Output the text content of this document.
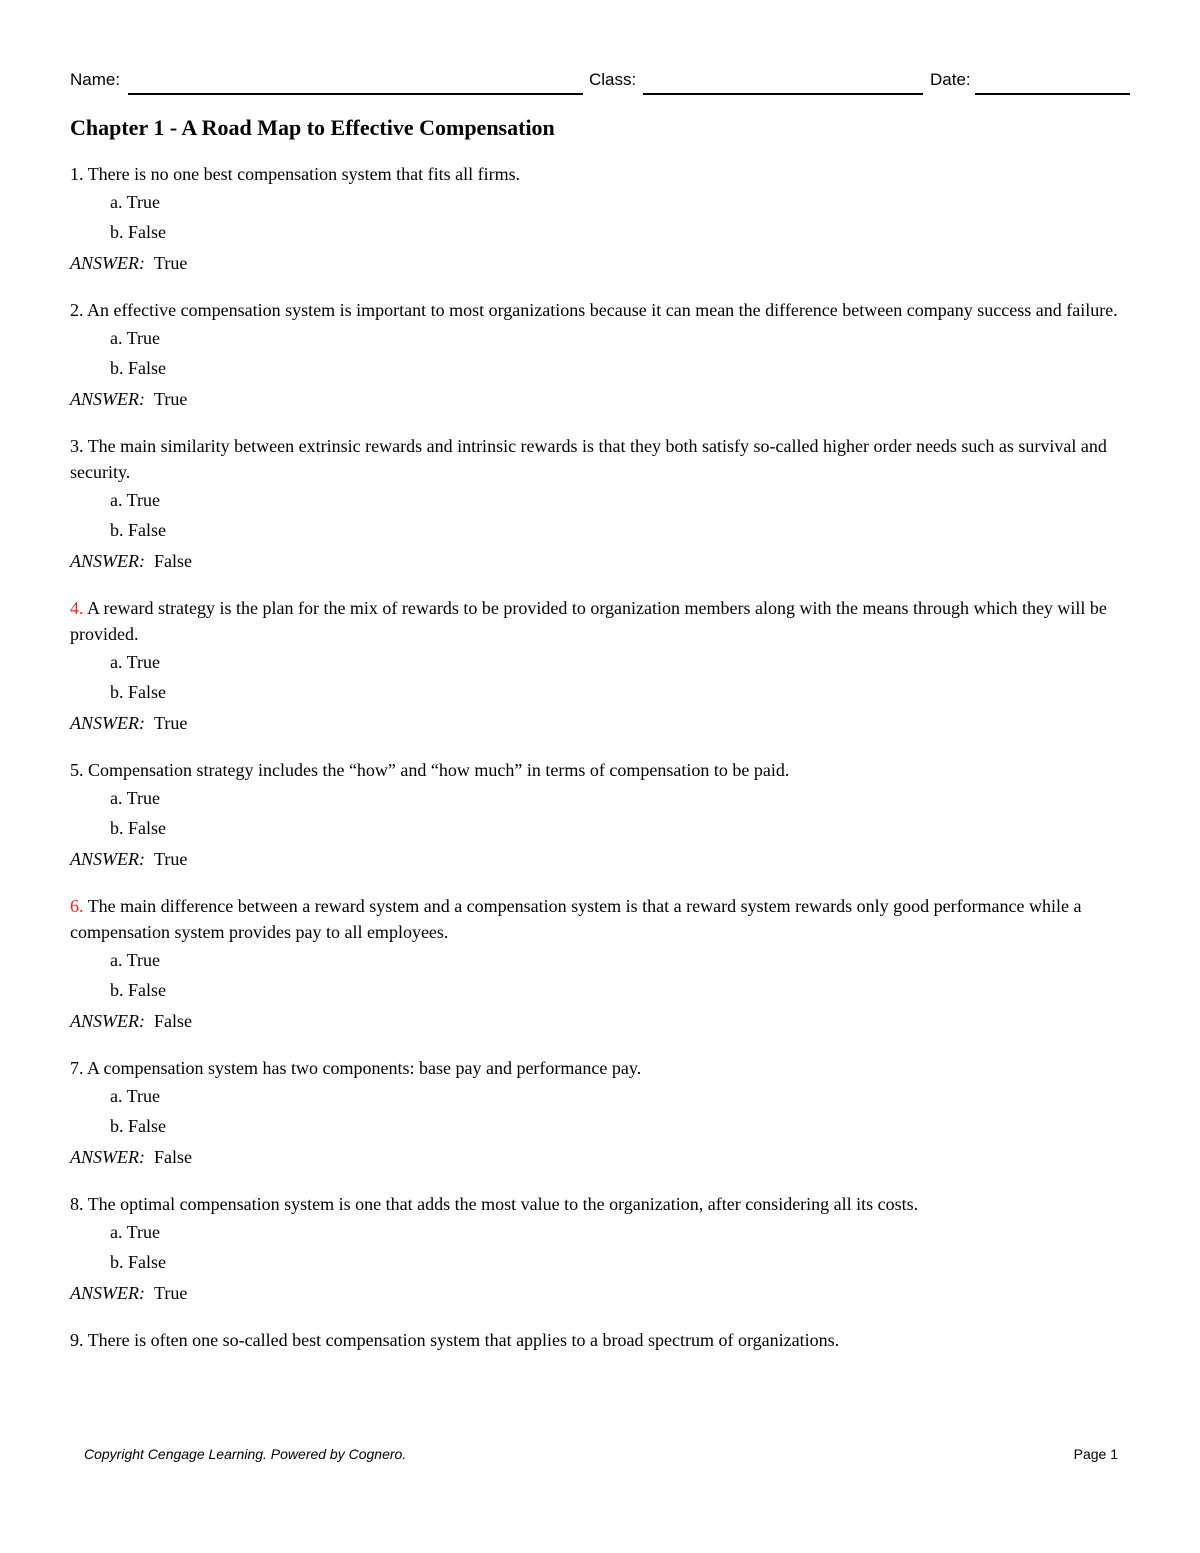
Name:	Class:	Date:
Chapter 1 - A Road Map to Effective Compensation
1. There is no one best compensation system that fits all firms.
a. True
b. False
ANSWER: True
2. An effective compensation system is important to most organizations because it can mean the difference between company success and failure.
a. True
b. False
ANSWER: True
3. The main similarity between extrinsic rewards and intrinsic rewards is that they both satisfy so-called higher order needs such as survival and security.
a. True
b. False
ANSWER: False
4. A reward strategy is the plan for the mix of rewards to be provided to organization members along with the means through which they will be provided.
a. True
b. False
ANSWER: True
5. Compensation strategy includes the “how” and “how much” in terms of compensation to be paid.
a. True
b. False
ANSWER: True
6. The main difference between a reward system and a compensation system is that a reward system rewards only good performance while a compensation system provides pay to all employees.
a. True
b. False
ANSWER: False
7. A compensation system has two components: base pay and performance pay.
a. True
b. False
ANSWER: False
8. The optimal compensation system is one that adds the most value to the organization, after considering all its costs.
a. True
b. False
ANSWER: True
9. There is often one so-called best compensation system that applies to a broad spectrum of organizations.
Copyright Cengage Learning. Powered by Cognero.	Page 1
